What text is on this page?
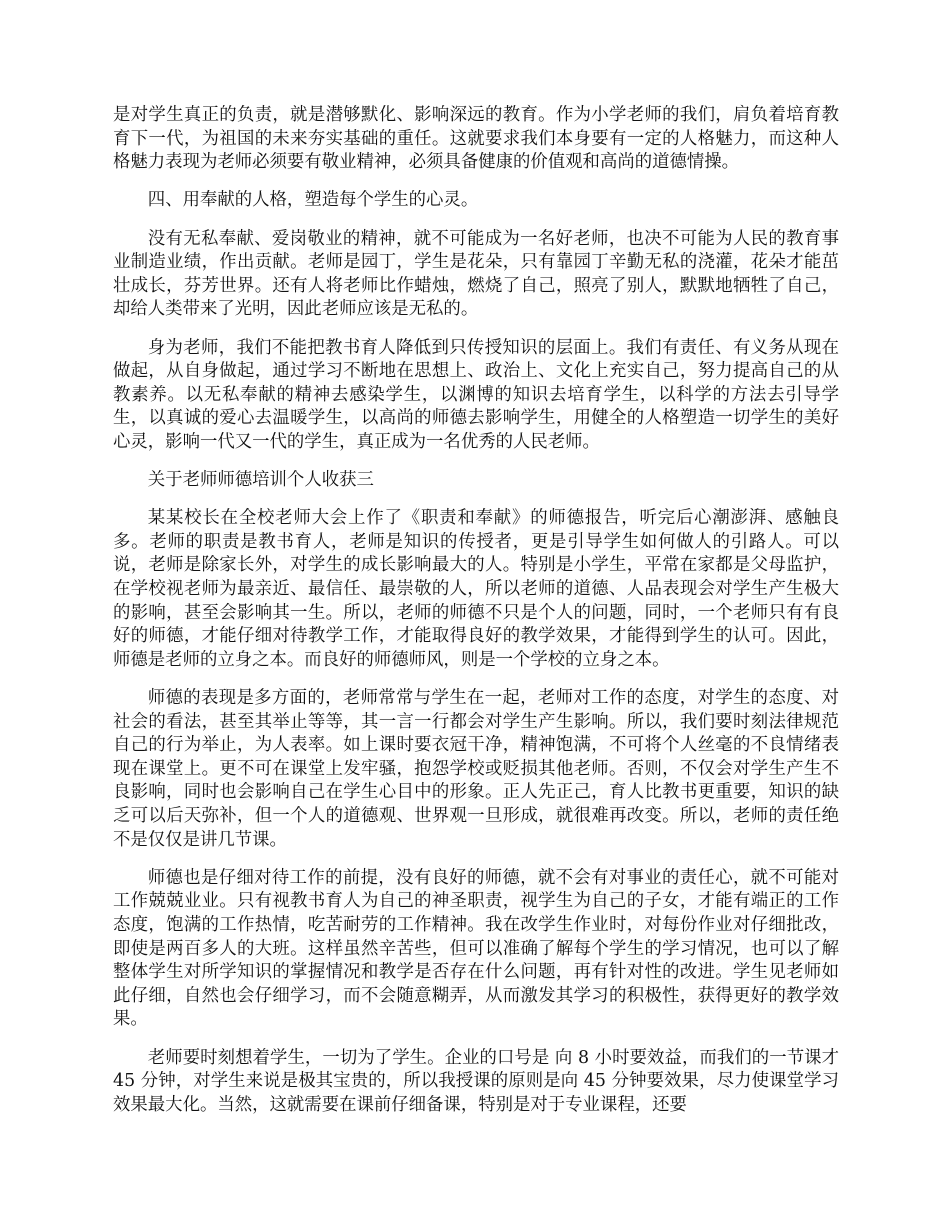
是对学生真正的负责，就是潜够默化、影响深远的教育。作为小学老师的我们，肩负着培育教育下一代，为祖国的未来夯实基础的重任。这就要求我们本身要有一定的人格魅力，而这种人格魅力表现为老师必须要有敬业精神，必须具备健康的价值观和高尚的道德情操。

四、用奉献的人格，塑造每个学生的心灵。

没有无私奉献、爱岗敬业的精神，就不可能成为一名好老师，也决不可能为人民的教育事业制造业绩，作出贡献。老师是园丁，学生是花朵，只有靠园丁辛勤无私的浇灌，花朵才能茁壮成长，芬芳世界。还有人将老师比作蜡烛，燃烧了自己，照亮了别人，默默地牺牲了自己，却给人类带来了光明，因此老师应该是无私的。

身为老师，我们不能把教书育人降低到只传授知识的层面上。我们有责任、有义务从现在做起，从自身做起，通过学习不断地在思想上、政治上、文化上充实自己，努力提高自己的从教素养。以无私奉献的精神去感染学生，以渊博的知识去培育学生，以科学的方法去引导学生，以真诚的爱心去温暖学生，以高尚的师德去影响学生，用健全的人格塑造一切学生的美好心灵，影响一代又一代的学生，真正成为一名优秀的人民老师。

关于老师师德培训个人收获三

某某校长在全校老师大会上作了《职责和奉献》的师德报告，听完后心潮澎湃、感触良多。老师的职责是教书育人，老师是知识的传授者，更是引导学生如何做人的引路人。可以说，老师是除家长外，对学生的成长影响最大的人。特别是小学生，平常在家都是父母监护，在学校视老师为最亲近、最信任、最崇敬的人，所以老师的道德、人品表现会对学生产生极大的影响，甚至会影响其一生。所以，老师的师德不只是个人的问题，同时，一个老师只有有良好的师德，才能仔细对待教学工作，才能取得良好的教学效果，才能得到学生的认可。因此，师德是老师的立身之本。而良好的师德师风，则是一个学校的立身之本。

师德的表现是多方面的，老师常常与学生在一起，老师对工作的态度，对学生的态度、对社会的看法，甚至其举止等等，其一言一行都会对学生产生影响。所以，我们要时刻法律规范自己的行为举止，为人表率。如上课时要衣冠干净，精神饱满，不可将个人丝毫的不良情绪表现在课堂上。更不可在课堂上发牢骚，抱怨学校或贬损其他老师。否则，不仅会对学生产生不良影响，同时也会影响自己在学生心目中的形象。正人先正己，育人比教书更重要，知识的缺乏可以后天弥补，但一个人的道德观、世界观一旦形成，就很难再改变。所以，老师的责任绝不是仅仅是讲几节课。

师德也是仔细对待工作的前提，没有良好的师德，就不会有对事业的责任心，就不可能对工作兢兢业业。只有视教书育人为自己的神圣职责，视学生为自己的子女，才能有端正的工作态度，饱满的工作热情，吃苦耐劳的工作精神。我在改学生作业时，对每份作业对仔细批改，即使是两百多人的大班。这样虽然辛苦些，但可以准确了解每个学生的学习情况，也可以了解整体学生对所学知识的掌握情况和教学是否存在什么问题，再有针对性的改进。学生见老师如此仔细，自然也会仔细学习，而不会随意糊弄，从而激发其学习的积极性，获得更好的教学效果。

老师要时刻想着学生，一切为了学生。企业的口号是 向 8 小时要效益，而我们的一节课才 45 分钟，对学生来说是极其宝贵的，所以我授课的原则是向 45 分钟要效果，尽力使课堂学习效果最大化。当然，这就需要在课前仔细备课，特别是对于专业课程，还要
